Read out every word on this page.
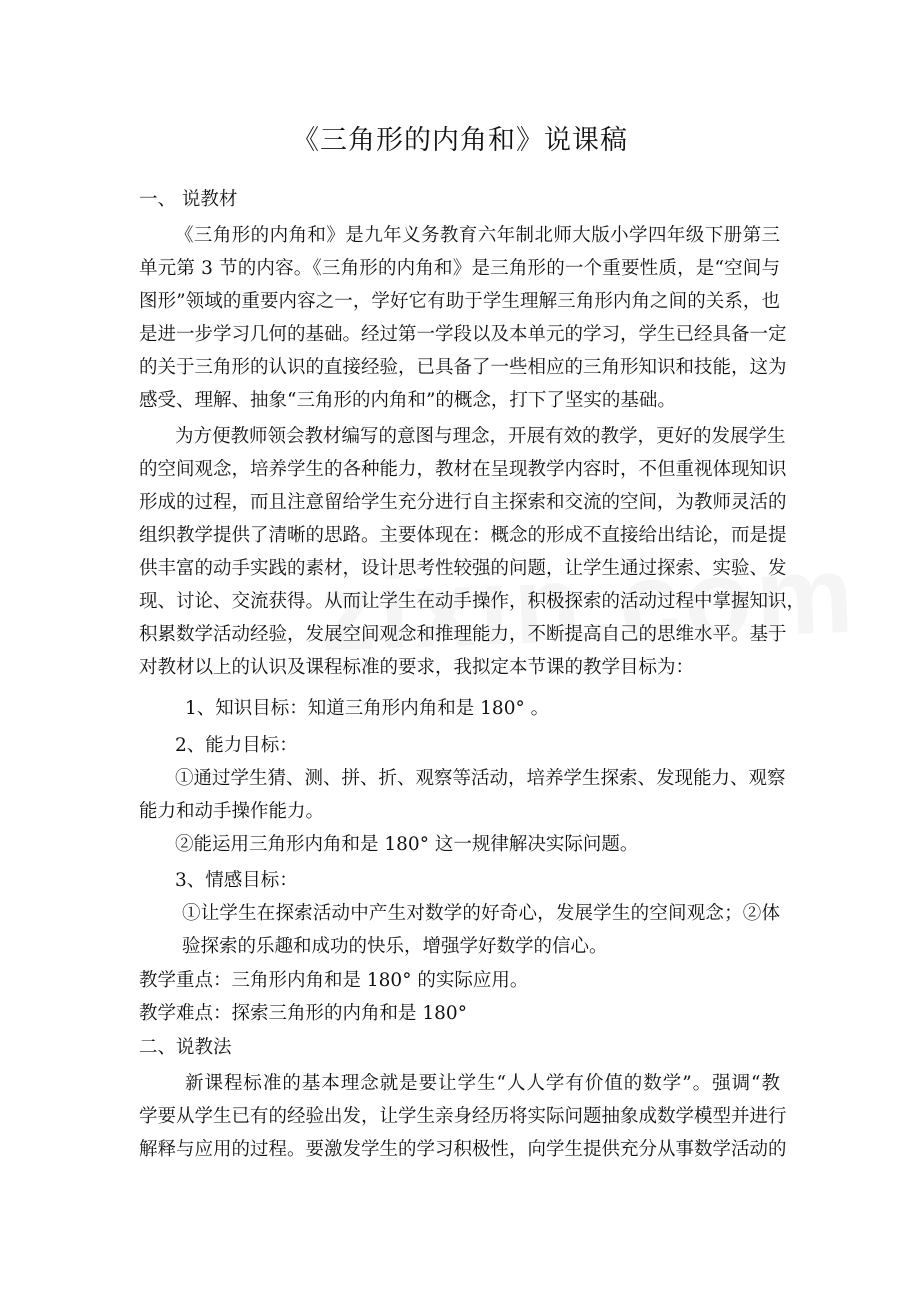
《三角形的内角和》说课稿
一、 说教材
《三角形的内角和》是九年义务教育六年制北师大版小学四年级下册第三
单元第 3 节的内容。《三角形的内角和》是三角形的一个重要性质，是“空间与
图形”领域的重要内容之一，学好它有助于学生理解三角形内角之间的关系，也
是进一步学习几何的基础。经过第一学段以及本单元的学习，学生已经具备一定
的关于三角形的认识的直接经验，已具备了一些相应的三角形知识和技能，这为
感受、理解、抽象“三角形的内角和”的概念，打下了坚实的基础。
为方便教师领会教材编写的意图与理念，开展有效的教学，更好的发展学生
的空间观念，培养学生的各种能力，教材在呈现教学内容时，不但重视体现知识
形成的过程，而且注意留给学生充分进行自主探索和交流的空间，为教师灵活的
组织教学提供了清晰的思路。主要体现在：概念的形成不直接给出结论，而是提
供丰富的动手实践的素材，设计思考性较强的问题，让学生通过探索、实验、发
现、讨论、交流获得。从而让学生在动手操作，积极探索的活动过程中掌握知识，
积累数学活动经验，发展空间观念和推理能力，不断提高自己的思维水平。基于
对教材以上的认识及课程标准的要求，我拟定本节课的教学目标为：
1、知识目标：知道三角形内角和是 180° 。
2、能力目标：
①通过学生猜、测、拼、折、观察等活动，培养学生探索、发现能力、观察
能力和动手操作能力。
②能运用三角形内角和是 180° 这一规律解决实际问题。
3、情感目标：
①让学生在探索活动中产生对数学的好奇心，发展学生的空间观念；②体
验探索的乐趣和成功的快乐，增强学好数学的信心。
教学重点：三角形内角和是 180° 的实际应用。
教学难点：探索三角形的内角和是 180°
二、说教法
新课程标准的基本理念就是要让学生“人人学有价值的数学”。强调“教
学要从学生已有的经验出发，让学生亲身经历将实际问题抽象成数学模型并进行
解释与应用的过程。要激发学生的学习积极性，向学生提供充分从事数学活动的
